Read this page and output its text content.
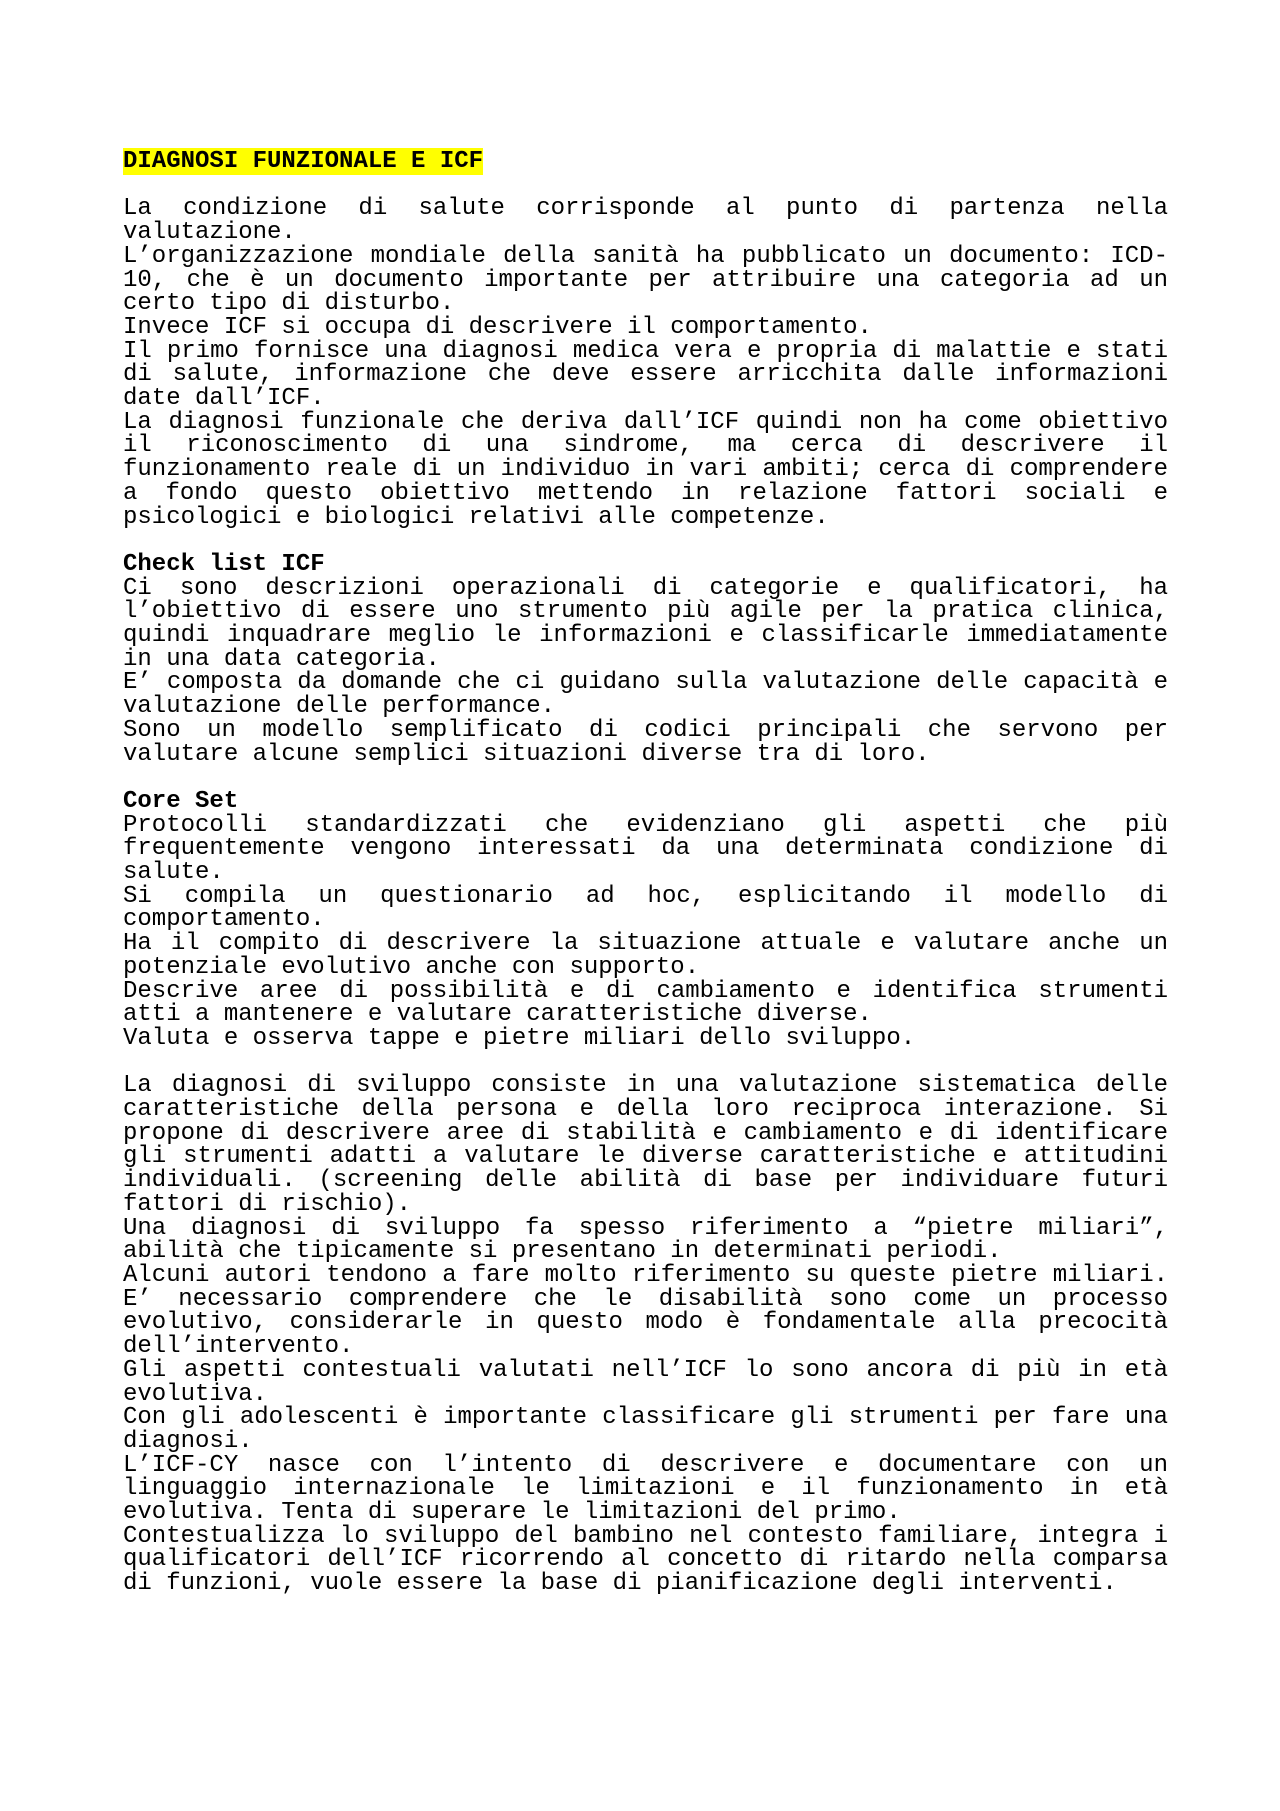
DIAGNOSI FUNZIONALE E ICF

La condizione di salute corrisponde al punto di partenza nella valutazione.

L’organizzazione mondiale della sanità ha pubblicato un documento: ICD-10, che è un documento importante per attribuire una categoria ad un certo tipo di disturbo.

Invece ICF si occupa di descrivere il comportamento.

Il primo fornisce una diagnosi medica vera e propria di malattie e stati di salute, informazione che deve essere arricchita dalle informazioni date dall’ICF.

La diagnosi funzionale che deriva dall’ICF quindi non ha come obiettivo il riconoscimento di una sindrome, ma cerca di descrivere il funzionamento reale di un individuo in vari ambiti; cerca di comprendere a fondo questo obiettivo mettendo in relazione fattori sociali e psicologici e biologici relativi alle competenze.

Check list ICF

Ci sono descrizioni operazionali di categorie e qualificatori, ha l’obiettivo di essere uno strumento più agile per la pratica clinica, quindi inquadrare meglio le informazioni e classificarle immediatamente in una data categoria.

E’ composta da domande che ci guidano sulla valutazione delle capacità e valutazione delle performance.

Sono un modello semplificato di codici principali che servono per valutare alcune semplici situazioni diverse tra di loro.

Core Set

Protocolli standardizzati che evidenziano gli aspetti che più frequentemente vengono interessati da una determinata condizione di salute.

Si compila un questionario ad hoc, esplicitando il modello di comportamento.

Ha il compito di descrivere la situazione attuale e valutare anche un potenziale evolutivo anche con supporto.

Descrive aree di possibilità e di cambiamento e identifica strumenti atti a mantenere e valutare caratteristiche diverse.

Valuta e osserva tappe e pietre miliari dello sviluppo.

La diagnosi di sviluppo consiste in una valutazione sistematica delle caratteristiche della persona e della loro reciproca interazione. Si propone di descrivere aree di stabilità e cambiamento e di identificare gli strumenti adatti a valutare le diverse caratteristiche e attitudini individuali. (screening delle abilità di base per individuare futuri fattori di rischio).

Una diagnosi di sviluppo fa spesso riferimento a “pietre miliari”, abilità che tipicamente si presentano in determinati periodi.

Alcuni autori tendono a fare molto riferimento su queste pietre miliari. E’ necessario comprendere che le disabilità sono come un processo evolutivo, considerarle in questo modo è fondamentale alla precocità dell’intervento.

Gli aspetti contestuali valutati nell’ICF lo sono ancora di più in età evolutiva.

Con gli adolescenti è importante classificare gli strumenti per fare una diagnosi.

L’ICF-CY nasce con l’intento di descrivere e documentare con un linguaggio internazionale le limitazioni e il funzionamento in età evolutiva. Tenta di superare le limitazioni del primo.

Contestualizza lo sviluppo del bambino nel contesto familiare, integra i qualificatori dell’ICF ricorrendo al concetto di ritardo nella comparsa di funzioni, vuole essere la base di pianificazione degli interventi.
